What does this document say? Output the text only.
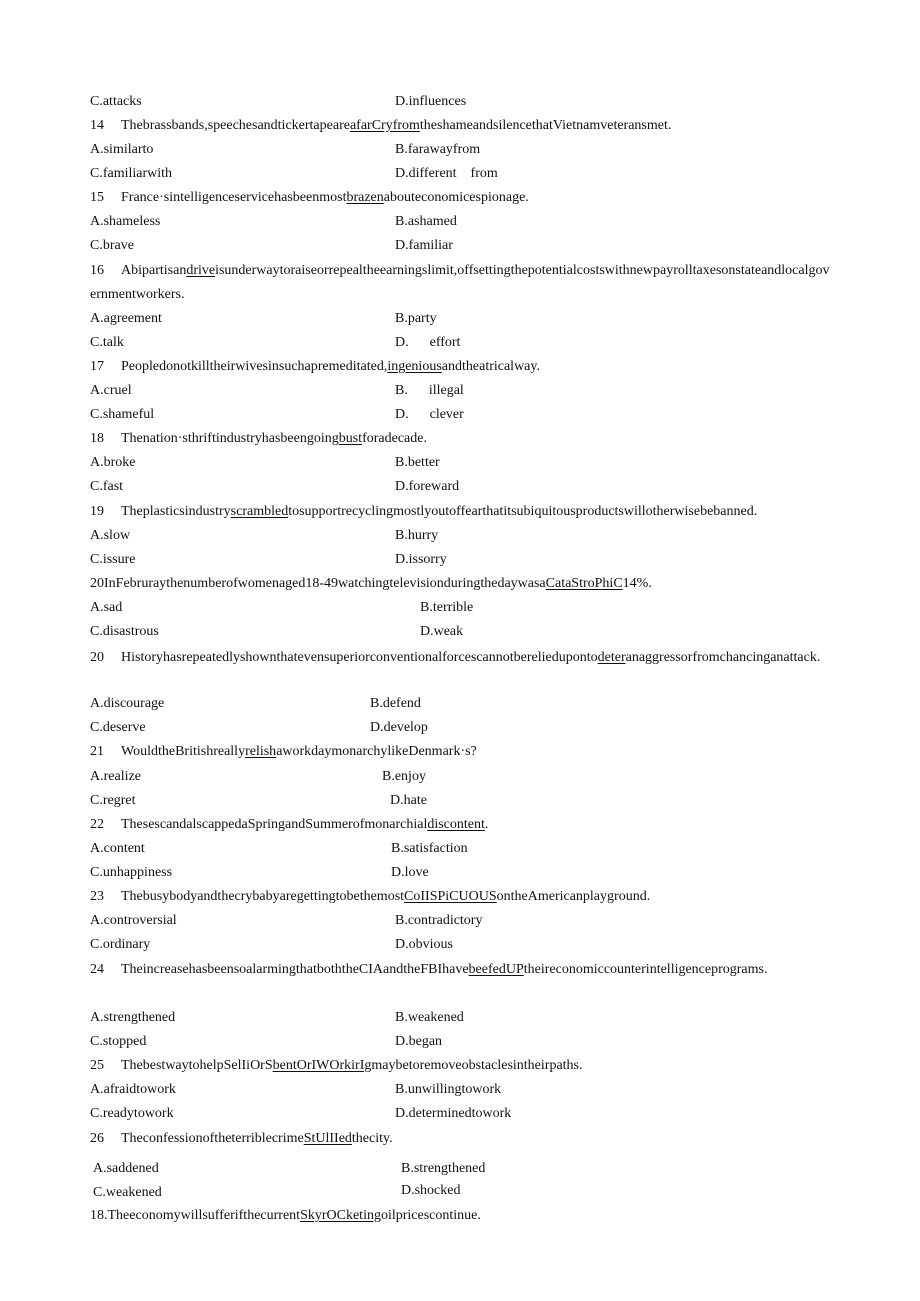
C.attacks	D.influences
14 Thebrassbands,speechesandtickertapeareafarCryfromtheshameandsilencethatVietnamveteransmet.
A.similarto	B.farawayfrom
C.familiarwith	D.different    from
15 France·sintelligenceservicehasbeenmostbrazenabouteconomicespionage.
A.shameless	B.ashamed
C.brave	D.familiar
16 Abipartisandriveisunderwaytoraiseorrepealtheearningslimit,offsettingthepotentialcostswithnewpayrolltaxesonstateandlocalgovernmentworkers.
A.agreement	B.party
C.talk	D.      effort
17 Peopledonotkilltheirwivesinsuchapremeditated,ingeniousandtheatricalway.
A.cruel	B.      illegal
C.shameful	D.      clever
18 Thenation·sthriftindustryhasbeengoingbustforadecade.
A.broke	B.better
C.fast	D.foreward
19 Theplasticsindustryscrambledtosupportrecyclingmostlyoutoffearthatitsubiquitousproductswillotherwisebebanned.
A.slow	B.hurry
C.issure	D.issorry
20InFebruraythenumberofwomenaged18-49watchingtelevisionduringthedaywasaCataStroPhiC14%.
A.sad	B.terrible
C.disastrous	D.weak
20 Historyhasrepeatedlyshownthatevensuperiorconventionalforcescannotbereliedupontodeteranaggressorfromchancinganattack.
A.discourage	B.defend
C.deserve	D.develop
21 WouldtheBritishreallyrelishaworkdaymonarchylikeDenmark·s?
A.realize	B.enjoy
C.regret	D.hate
22 ThesescandalscappedaSpringandSummerofmonarchialdiscontent.
A.content	B.satisfaction
C.unhappiness	D.love
23 ThebusybodyandthecrybabyaregettingtobethemostCoIISPiCUOUSontheAmericanplayground.
A.controversial	B.contradictory
C.ordinary	D.obvious
24 TheincreasehasbeensoalarmingthatboththeCIAandtheFBIhavebeefedUPtheireconomiccounterintelligenceprograms.
A.strengthened	B.weakened
C.stopped	D.began
25 ThebestwaytohelpSelIiOrSbentOrIWOrkirIgmaybetoremoveobstaclesintheirpaths.
A.afraidtowork	B.unwillingtowork
C.readytowork	D.determinedtowork
26 TheconfessionoftheterriblecrimeStUlIIedthecity.
A.saddened	B.strengthened
C.weakened	D.shocked
18.TheeconomywillsufferifthecurrentSkyrOCketingoilpricescontinue.
